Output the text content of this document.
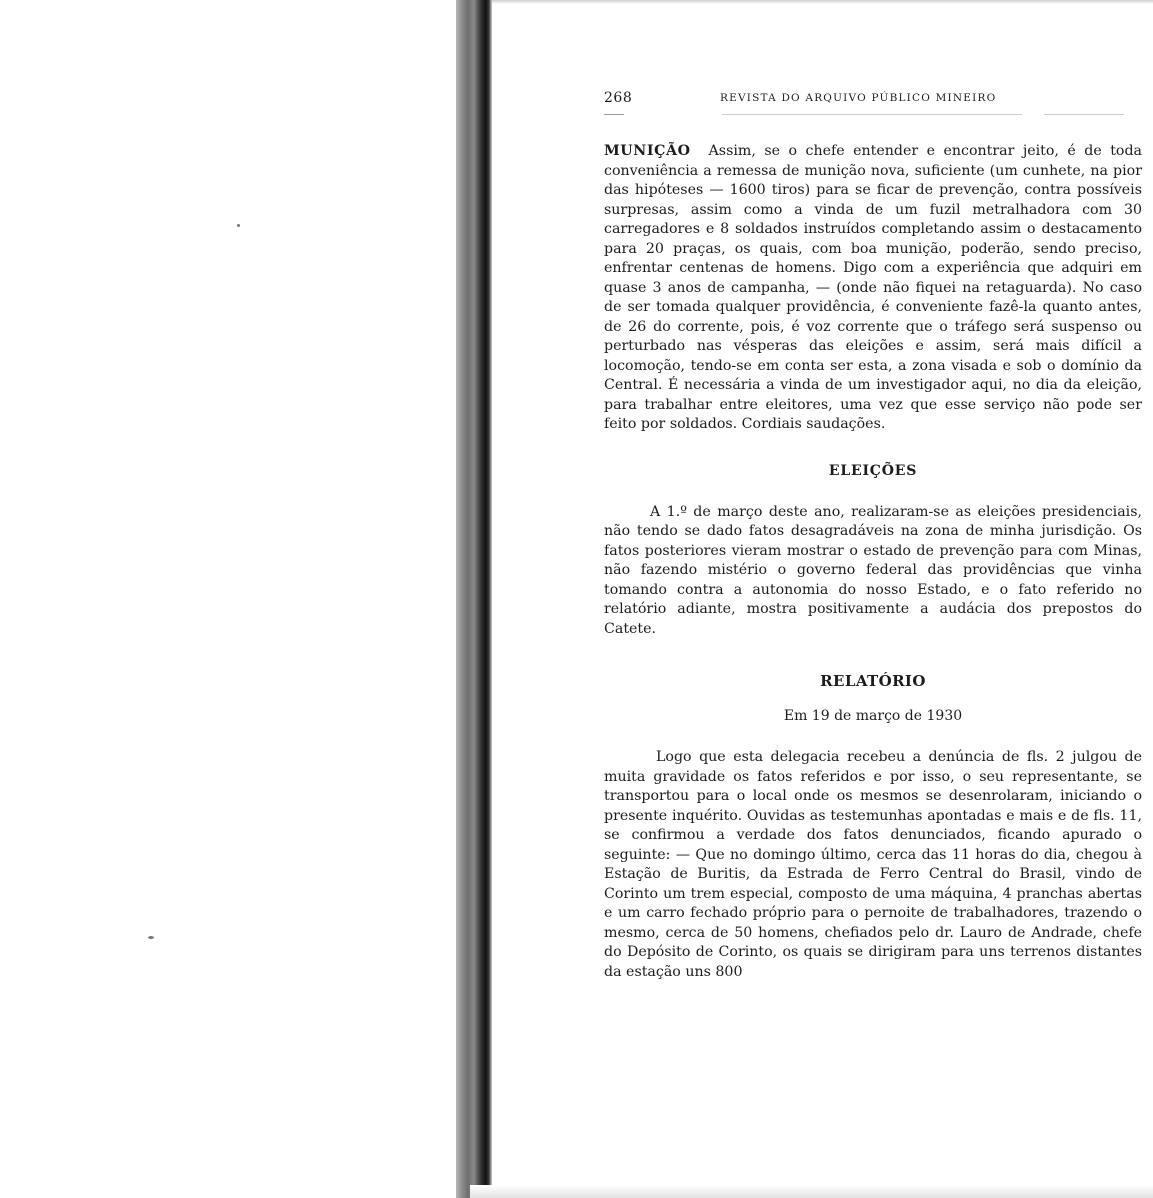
268	REVISTA DO ARQUIVO PÚBLICO MINEIRO

MUNIÇÃO Assim, se o chefe entender e encontrar jeito, é de toda conveniência a remessa de munição nova, suficiente (um cunhete, na pior das hipóteses — 1600 tiros) para se ficar de prevenção, contra possíveis surpresas, assim como a vinda de um fuzil metralhadora com 30 carregadores e 8 soldados instruídos completando assim o destacamento para 20 praças, os quais, com boa munição, poderão, sendo preciso, enfrentar centenas de homens. Digo com a experiência que adquiri em quase 3 anos de campanha, — (onde não fiquei na retaguarda). No caso de ser tomada qualquer providência, é conveniente fazê-la quanto antes, de 26 do corrente, pois, é voz corrente que o tráfego será suspenso ou perturbado nas vésperas das eleições e assim, será mais difícil a locomoção, tendo-se em conta ser esta, a zona visada e sob o domínio da Central. É necessária a vinda de um investigador aqui, no dia da eleição, para trabalhar entre eleitores, uma vez que esse serviço não pode ser feito por soldados. Cordiais saudações.

ELEIÇÕES

A 1.º de março deste ano, realizaram-se as eleições presidenciais, não tendo se dado fatos desagradáveis na zona de minha jurisdição. Os fatos posteriores vieram mostrar o estado de prevenção para com Minas, não fazendo mistério o governo federal das providências que vinha tomando contra a autonomia do nosso Estado, e o fato referido no relatório adiante, mostra positivamente a audácia dos prepostos do Catete.

RELATÓRIO
Em 19 de março de 1930

Logo que esta delegacia recebeu a denúncia de fls. 2 julgou de muita gravidade os fatos referidos e por isso, o seu representante, se transportou para o local onde os mesmos se desenrolaram, iniciando o presente inquérito. Ouvidas as testemunhas apontadas e mais e de fls. 11, se confirmou a verdade dos fatos denunciados, ficando apurado o seguinte: — Que no domingo último, cerca das 11 horas do dia, chegou à Estação de Buritis, da Estrada de Ferro Central do Brasil, vindo de Corinto um trem especial, composto de uma máquina, 4 pranchas abertas e um carro fechado próprio para o pernoite de trabalhadores, trazendo o mesmo, cerca de 50 homens, chefiados pelo dr. Lauro de Andrade, chefe do Depósito de Corinto, os quais se dirigiram para uns terrenos distantes da estação uns 800
